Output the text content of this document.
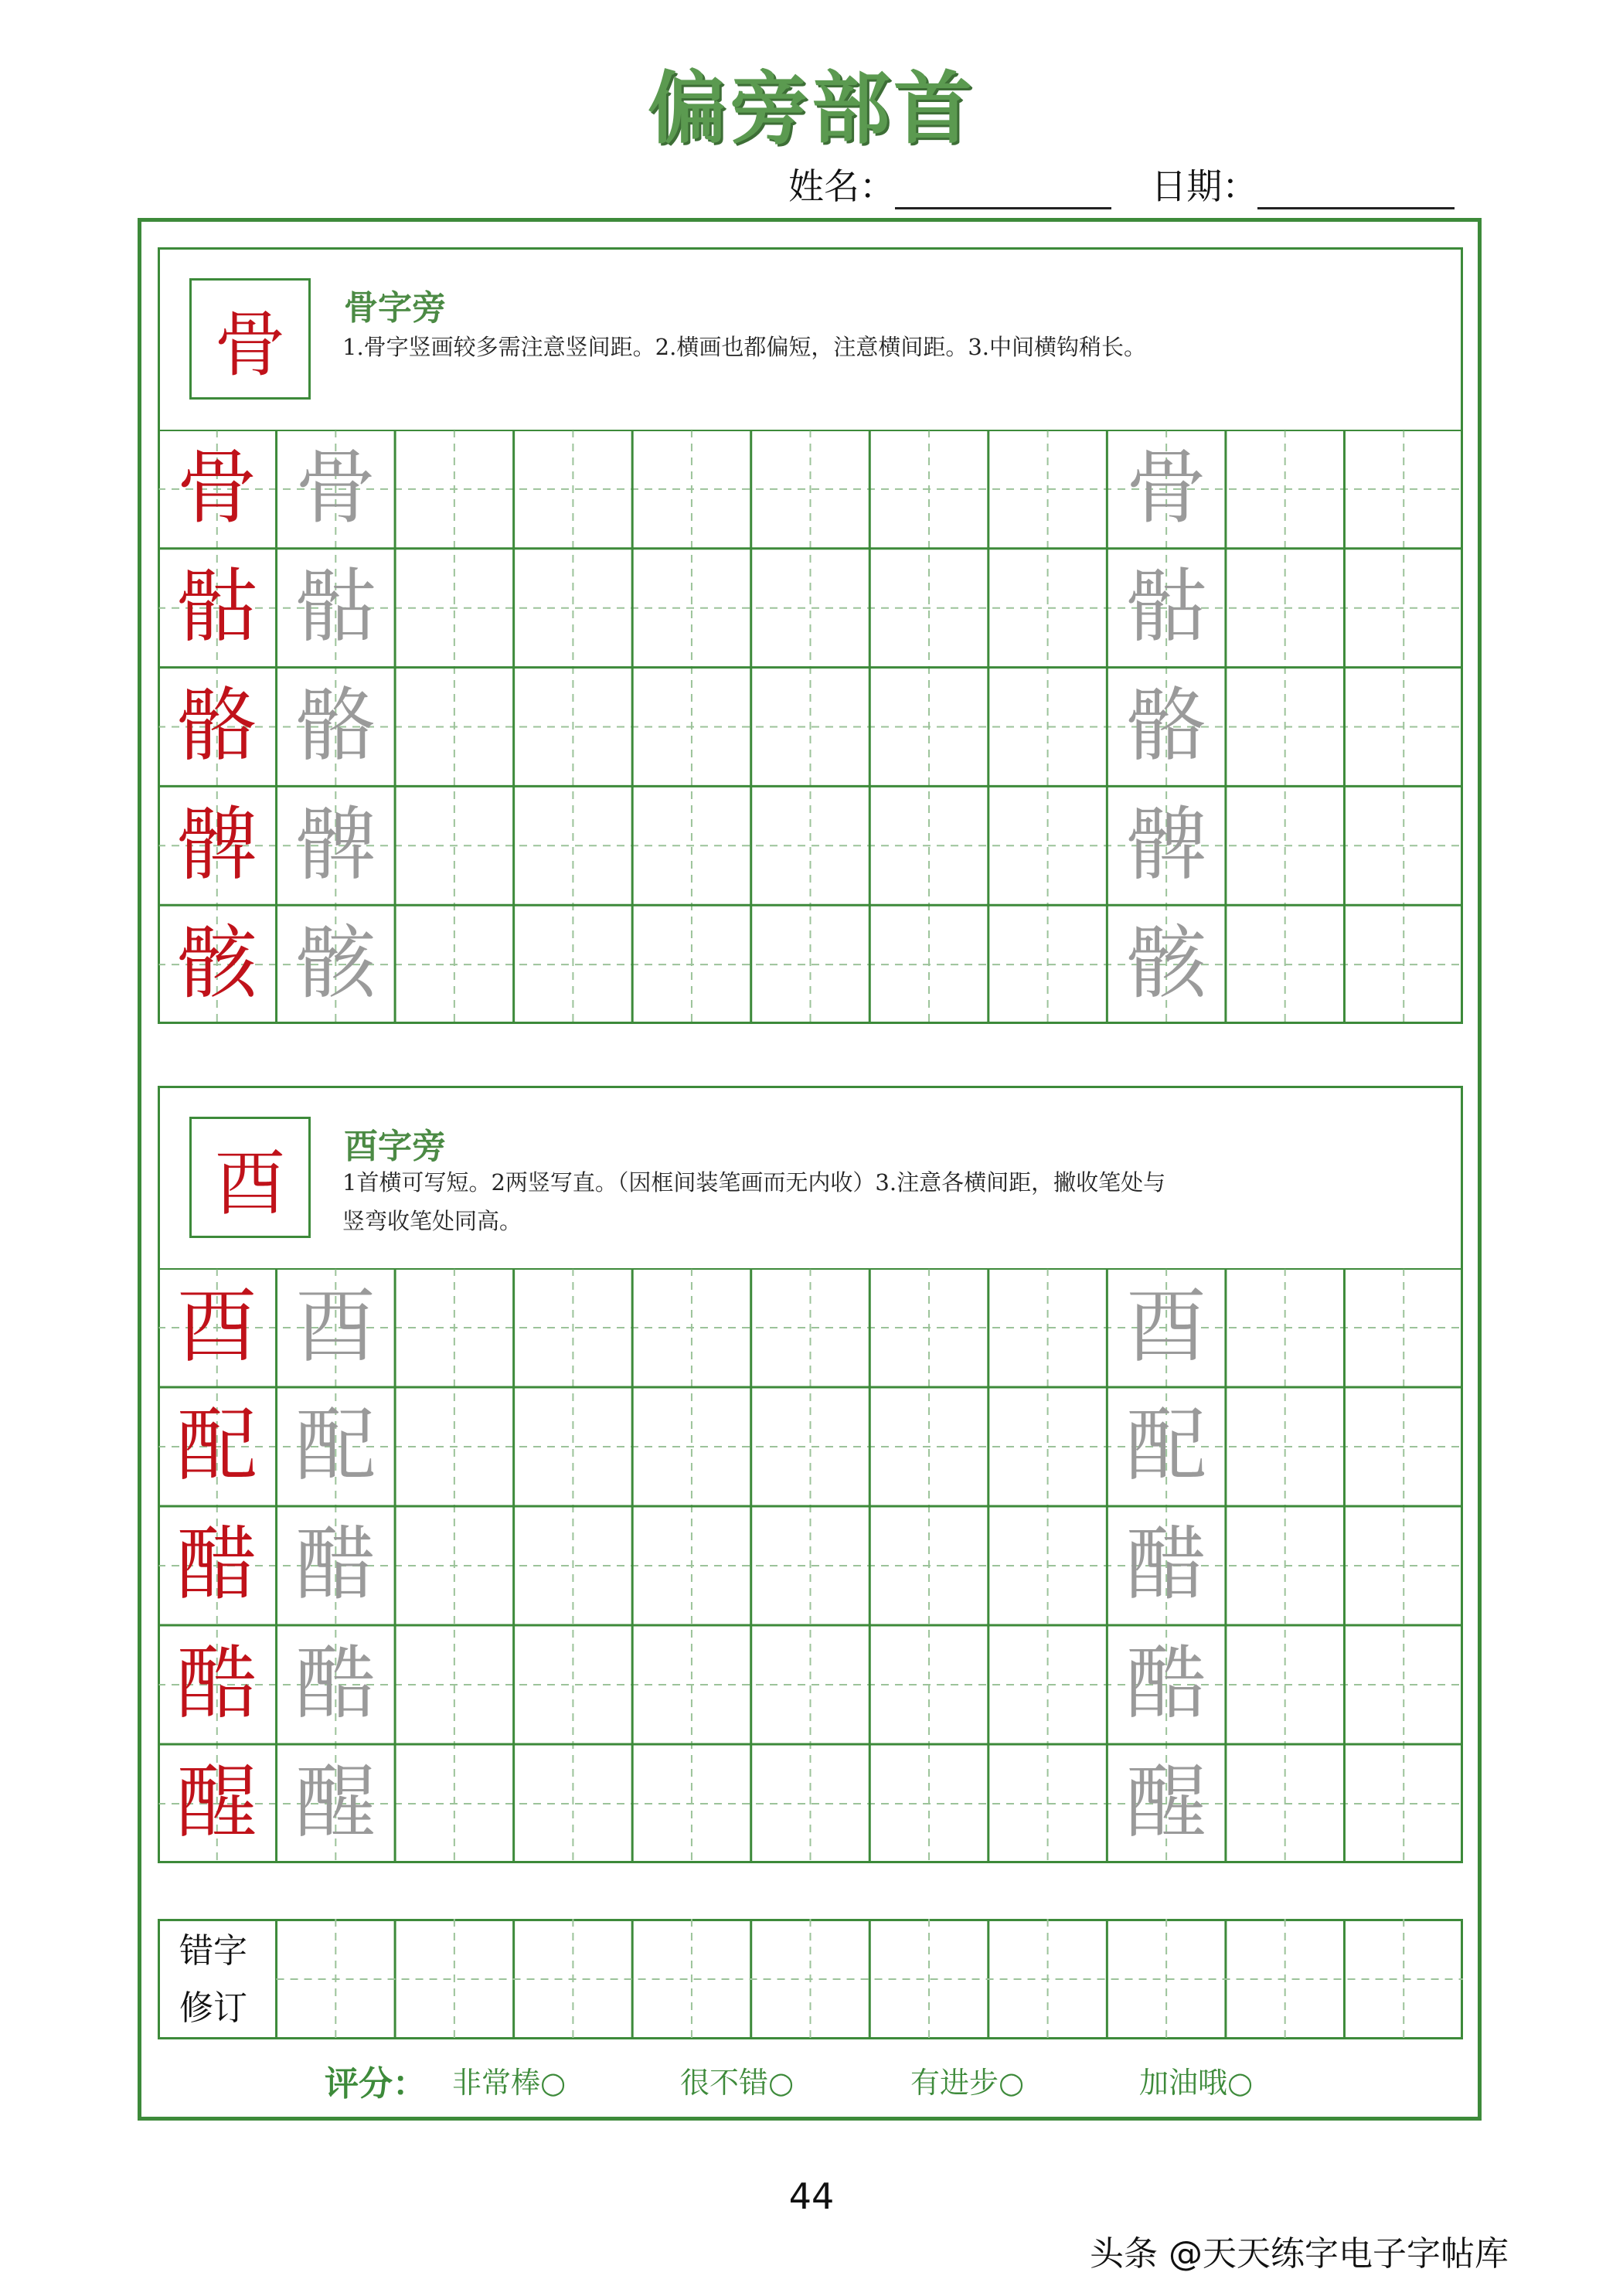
偏旁部首
姓名：	日期：
骨	骨字旁
1.骨字竖画较多需注意竖间距。2.横画也都偏短，注意横间距。3.中间横钩稍长。
骨 骨	骨
骷 骷	骷
骼 骼	骼
髀 髀	髀
骸 骸	骸
酉	酉字旁
1首横可写短。2两竖写直。（因框间装笔画而无内收）3.注意各横间距，撇收笔处与
竖弯收笔处同高。
酉 酉	酉
配 配	配
醋 醋	醋
酷 酷	酷
醒 醒	醒
错字
修订
评分： 非常棒○	很不错○	有进步○	加油哦○
44
头条 @天天练字电子字帖库
